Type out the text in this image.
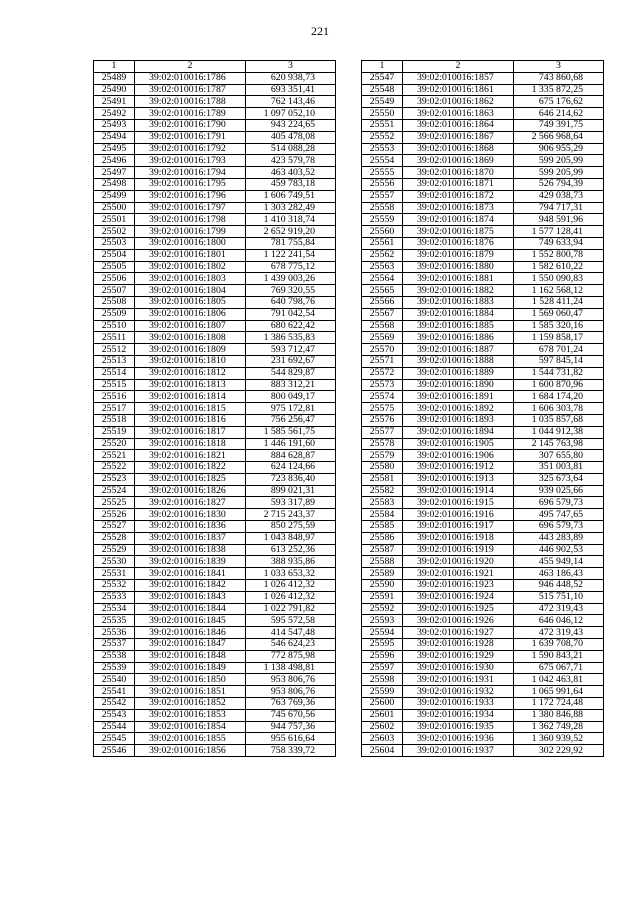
221
1	2	3
25489	39:02:010016:1786	620 938,73
25490	39:02:010016:1787	693 351,41
25491	39:02:010016:1788	762 143,46
25492	39:02:010016:1789	1 097 052,10
25493	39:02:010016:1790	943 224,65
25494	39:02:010016:1791	405 478,08
25495	39:02:010016:1792	514 088,28
25496	39:02:010016:1793	423 579,78
25497	39:02:010016:1794	463 403,52
25498	39:02:010016:1795	459 783,18
25499	39:02:010016:1796	1 606 749,51
25500	39:02:010016:1797	1 303 282,49
25501	39:02:010016:1798	1 410 318,74
25502	39:02:010016:1799	2 652 919,20
25503	39:02:010016:1800	781 755,84
25504	39:02:010016:1801	1 122 241,54
25505	39:02:010016:1802	678 775,12
25506	39:02:010016:1803	1 439 003,26
25507	39:02:010016:1804	769 320,55
25508	39:02:010016:1805	640 798,76
25509	39:02:010016:1806	791 042,54
25510	39:02:010016:1807	680 622,42
25511	39:02:010016:1808	1 386 535,83
25512	39:02:010016:1809	593 712,47
25513	39:02:010016:1810	231 692,67
25514	39:02:010016:1812	544 829,87
25515	39:02:010016:1813	883 312,21
25516	39:02:010016:1814	800 049,17
25517	39:02:010016:1815	975 172,81
25518	39:02:010016:1816	756 256,47
25519	39:02:010016:1817	1 585 561,75
25520	39:02:010016:1818	1 446 191,60
25521	39:02:010016:1821	884 628,87
25522	39:02:010016:1822	624 124,66
25523	39:02:010016:1825	723 836,40
25524	39:02:010016:1826	899 021,31
25525	39:02:010016:1827	593 317,89
25526	39:02:010016:1830	2 715 243,37
25527	39:02:010016:1836	850 275,59
25528	39:02:010016:1837	1 043 848,97
25529	39:02:010016:1838	613 252,36
25530	39:02:010016:1839	388 935,86
25531	39:02:010016:1841	1 033 653,32
25532	39:02:010016:1842	1 026 412,32
25533	39:02:010016:1843	1 026 412,32
25534	39:02:010016:1844	1 022 791,82
25535	39:02:010016:1845	595 572,58
25536	39:02:010016:1846	414 547,48
25537	39:02:010016:1847	546 624,23
25538	39:02:010016:1848	772 875,98
25539	39:02:010016:1849	1 138 498,81
25540	39:02:010016:1850	953 806,76
25541	39:02:010016:1851	953 806,76
25542	39:02:010016:1852	763 769,36
25543	39:02:010016:1853	745 670,56
25544	39:02:010016:1854	944 757,36
25545	39:02:010016:1855	955 616,64
25546	39:02:010016:1856	758 339,72
1	2	3
25547	39:02:010016:1857	743 860,68
25548	39:02:010016:1861	1 335 872,25
25549	39:02:010016:1862	675 176,62
25550	39:02:010016:1863	646 214,62
25551	39:02:010016:1864	749 391,75
25552	39:02:010016:1867	2 566 968,64
25553	39:02:010016:1868	906 955,29
25554	39:02:010016:1869	599 205,99
25555	39:02:010016:1870	599 205,99
25556	39:02:010016:1871	526 794,39
25557	39:02:010016:1872	429 038,73
25558	39:02:010016:1873	794 717,31
25559	39:02:010016:1874	948 591,96
25560	39:02:010016:1875	1 577 128,41
25561	39:02:010016:1876	749 633,94
25562	39:02:010016:1879	1 552 800,78
25563	39:02:010016:1880	1 582 610,22
25564	39:02:010016:1881	1 550 090,83
25565	39:02:010016:1882	1 162 568,12
25566	39:02:010016:1883	1 528 411,24
25567	39:02:010016:1884	1 569 060,47
25568	39:02:010016:1885	1 585 320,16
25569	39:02:010016:1886	1 159 858,17
25570	39:02:010016:1887	678 701,24
25571	39:02:010016:1888	597 845,14
25572	39:02:010016:1889	1 544 731,82
25573	39:02:010016:1890	1 600 870,96
25574	39:02:010016:1891	1 684 174,20
25575	39:02:010016:1892	1 606 303,78
25576	39:02:010016:1893	1 035 857,68
25577	39:02:010016:1894	1 044 912,38
25578	39:02:010016:1905	2 145 763,98
25579	39:02:010016:1906	307 655,80
25580	39:02:010016:1912	351 003,81
25581	39:02:010016:1913	325 673,64
25582	39:02:010016:1914	939 025,66
25583	39:02:010016:1915	696 579,73
25584	39:02:010016:1916	495 747,65
25585	39:02:010016:1917	696 579,73
25586	39:02:010016:1918	443 283,89
25587	39:02:010016:1919	446 902,53
25588	39:02:010016:1920	455 949,14
25589	39:02:010016:1921	463 186,43
25590	39:02:010016:1923	946 448,52
25591	39:02:010016:1924	515 751,10
25592	39:02:010016:1925	472 319,43
25593	39:02:010016:1926	646 046,12
25594	39:02:010016:1927	472 319,43
25595	39:02:010016:1928	1 639 708,70
25596	39:02:010016:1929	1 590 843,21
25597	39:02:010016:1930	675 067,71
25598	39:02:010016:1931	1 042 463,81
25599	39:02:010016:1932	1 065 991,64
25600	39:02:010016:1933	1 172 724,48
25601	39:02:010016:1934	1 380 846,88
25602	39:02:010016:1935	1 362 749,28
25603	39:02:010016:1936	1 360 939,52
25604	39:02:010016:1937	302 229,92
